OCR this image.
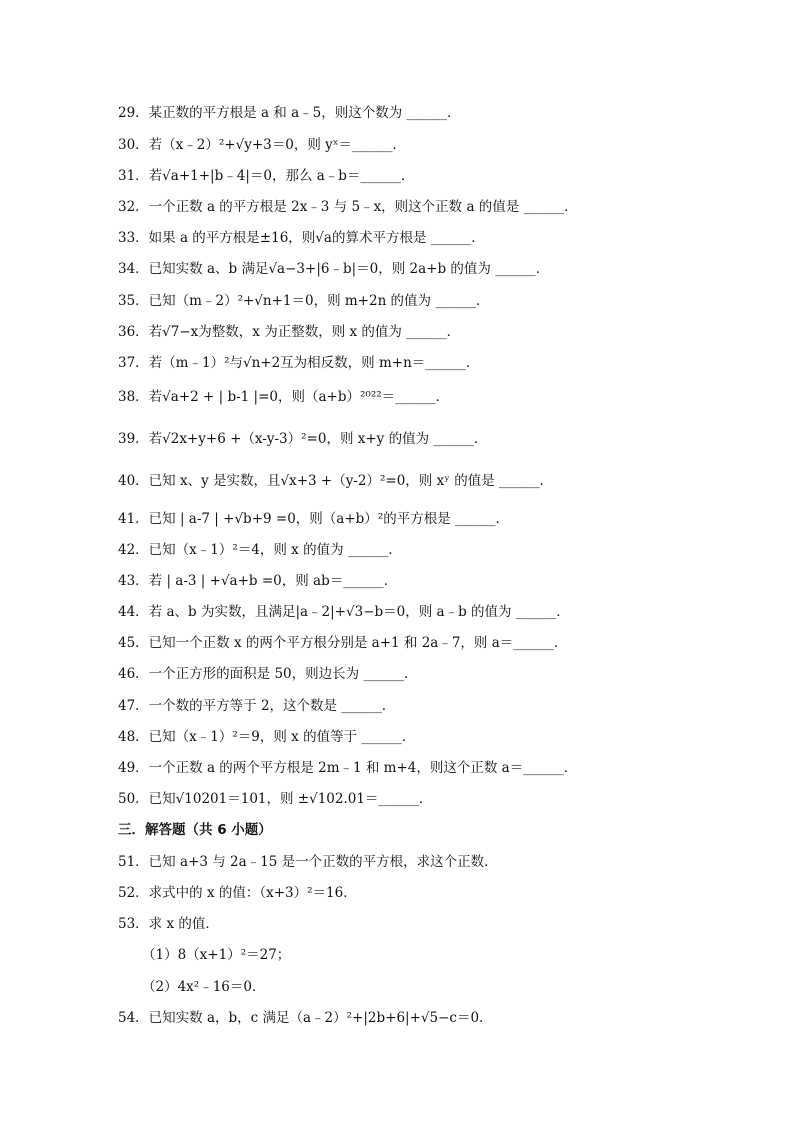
29．某正数的平方根是 a 和 a﹣5，则这个数为 ______．
30．若（x﹣2）²+√y+3＝0，则 yˣ＝______．
31．若√a+1+|b﹣4|＝0，那么 a﹣b＝______．
32．一个正数 a 的平方根是 2x﹣3 与 5﹣x，则这个正数 a 的值是 ______．
33．如果 a 的平方根是±16，则√a的算术平方根是 ______．
34．已知实数 a、b 满足√a−3+|6﹣b|＝0，则 2a+b 的值为 ______．
35．已知（m﹣2）²+√n+1＝0，则 m+2n 的值为 ______．
36．若√7−x为整数，x 为正整数，则 x 的值为 ______．
37．若（m﹣1）²与√n+2互为相反数，则 m+n＝______．
38．若√a+2 + | b-1 |=0，则（a+b）²⁰²²＝______．
39．若√2x+y+6 +（x-y-3）²=0，则 x+y 的值为 ______．
40．已知 x、y 是实数，且√x+3 +（y-2）²=0，则 xʸ 的值是 ______．
41．已知 | a-7 | +√b+9 =0，则（a+b）²的平方根是 ______．
42．已知（x﹣1）²＝4，则 x 的值为 ______．
43．若 | a-3 | +√a+b =0，则 ab＝______．
44．若 a、b 为实数，且满足|a﹣2|+√3−b＝0，则 a﹣b 的值为 ______．
45．已知一个正数 x 的两个平方根分别是 a+1 和 2a﹣7，则 a＝______．
46．一个正方形的面积是 50，则边长为 ______．
47．一个数的平方等于 2，这个数是 ______．
48．已知（x﹣1）²＝9，则 x 的值等于 ______．
49．一个正数 a 的两个平方根是 2m﹣1 和 m+4，则这个正数 a＝______．
50．已知√10201＝101，则 ±√102.01＝______．
三．解答题（共 6 小题）
51．已知 a+3 与 2a﹣15 是一个正数的平方根，求这个正数．
52．求式中的 x 的值：（x+3）²＝16．
53．求 x 的值．
（1）8（x+1）²＝27；
（2）4x²﹣16＝0．
54．已知实数 a，b，c 满足（a﹣2）²+|2b+6|+√5−c＝0．
